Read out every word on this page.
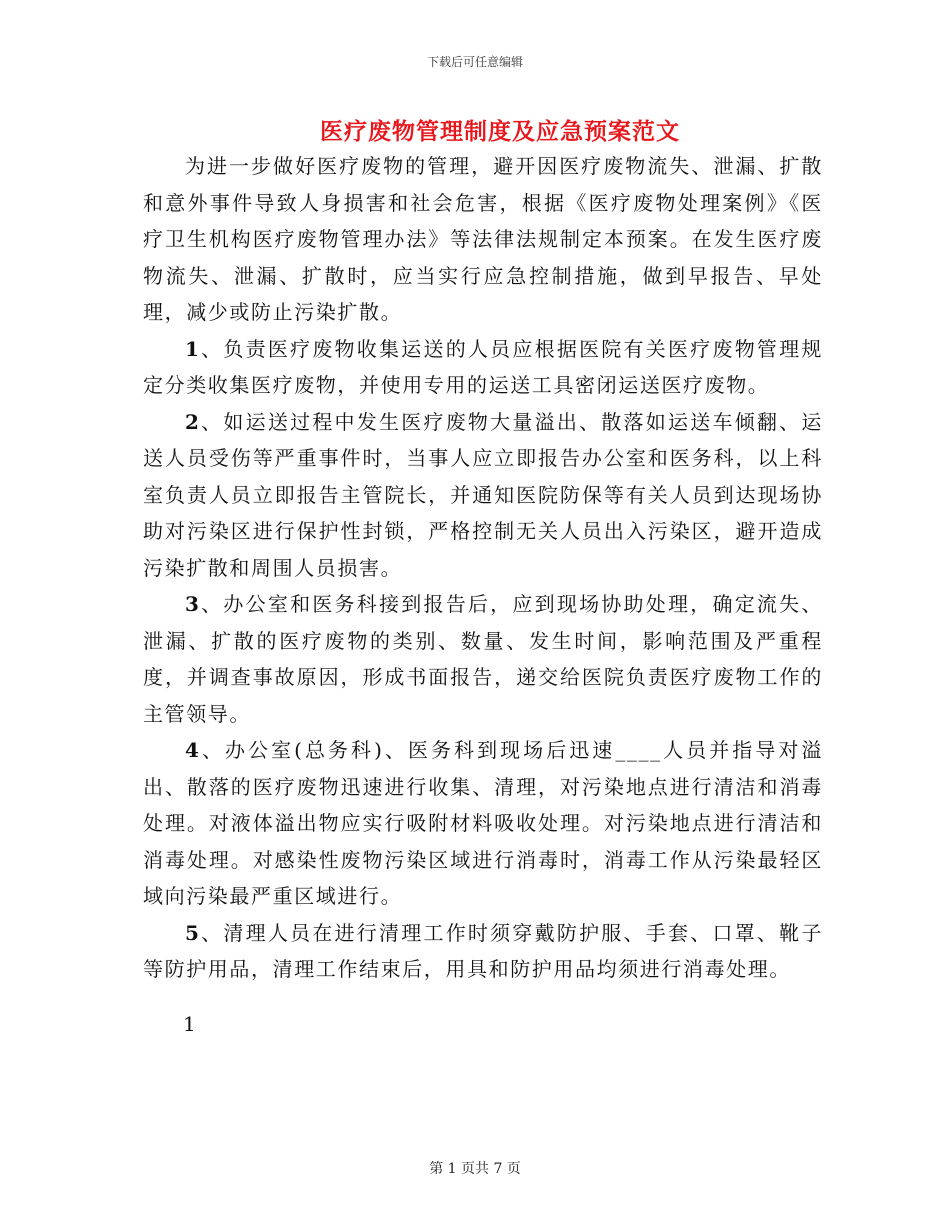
下载后可任意编辑
医疗废物管理制度及应急预案范文

为进一步做好医疗废物的管理，避开因医疗废物流失、泄漏、扩散和意外事件导致人身损害和社会危害，根据《医疗废物处理案例》《医疗卫生机构医疗废物管理办法》等法律法规制定本预案。在发生医疗废物流失、泄漏、扩散时，应当实行应急控制措施，做到早报告、早处理，减少或防止污染扩散。

1、负责医疗废物收集运送的人员应根据医院有关医疗废物管理规定分类收集医疗废物，并使用专用的运送工具密闭运送医疗废物。

2、如运送过程中发生医疗废物大量溢出、散落如运送车倾翻、运送人员受伤等严重事件时，当事人应立即报告办公室和医务科，以上科室负责人员立即报告主管院长，并通知医院防保等有关人员到达现场协助对污染区进行保护性封锁，严格控制无关人员出入污染区，避开造成污染扩散和周围人员损害。

3、办公室和医务科接到报告后，应到现场协助处理，确定流失、泄漏、扩散的医疗废物的类别、数量、发生时间，影响范围及严重程度，并调查事故原因，形成书面报告，递交给医院负责医疗废物工作的主管领导。

4、办公室(总务科)、医务科到现场后迅速____人员并指导对溢出、散落的医疗废物迅速进行收集、清理，对污染地点进行清洁和消毒处理。对液体溢出物应实行吸附材料吸收处理。对污染地点进行清洁和消毒处理。对感染性废物污染区域进行消毒时，消毒工作从污染最轻区域向污染最严重区域进行。

5、清理人员在进行清理工作时须穿戴防护服、手套、口罩、靴子等防护用品，清理工作结束后，用具和防护用品均须进行消毒处理。

1
第 1 页共 7 页
